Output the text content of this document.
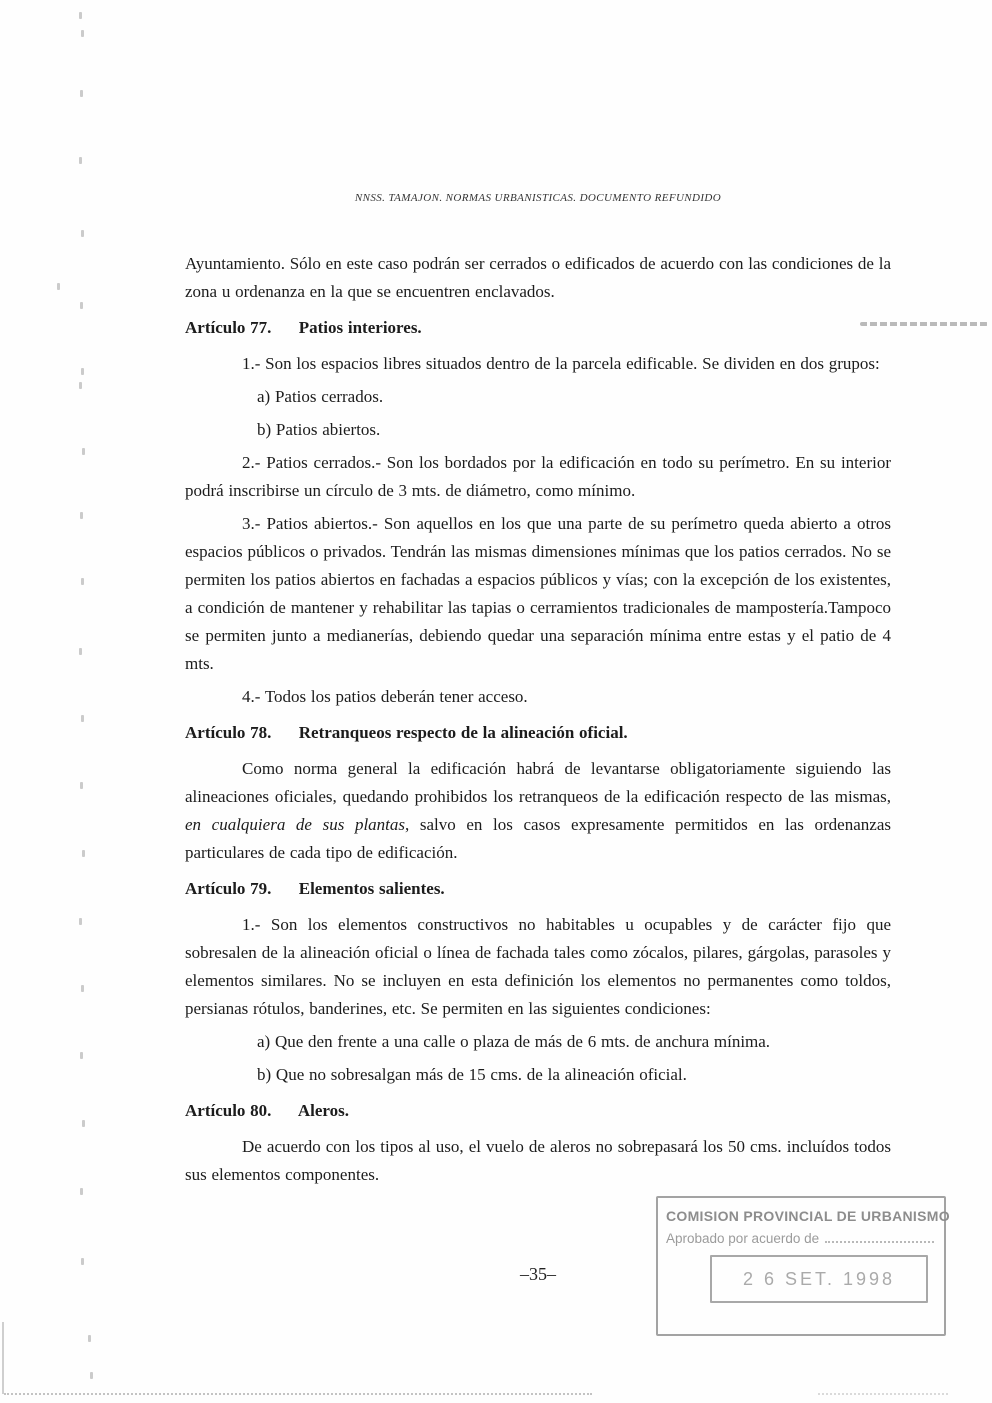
NNSS. TAMAJON. NORMAS URBANISTICAS. DOCUMENTO REFUNDIDO

Ayuntamiento. Sólo en este caso podrán ser cerrados o edificados de acuerdo con las condiciones de la zona u ordenanza en la que se encuentren enclavados.

Artículo 77. Patios interiores.

1.- Son los espacios libres situados dentro de la parcela edificable. Se dividen en dos grupos:

a) Patios cerrados.

b) Patios abiertos.

2.- Patios cerrados.- Son los bordados por la edificación en todo su perímetro. En su interior podrá inscribirse un círculo de 3 mts. de diámetro, como mínimo.

3.- Patios abiertos.- Son aquellos en los que una parte de su perímetro queda abierto a otros espacios públicos o privados. Tendrán las mismas dimensiones mínimas que los patios cerrados. No se permiten los patios abiertos en fachadas a espacios públicos y vías; con la excepción de los existentes, a condición de mantener y rehabilitar las tapias o cerramientos tradicionales de mampostería.Tampoco se permiten junto a medianerías, debiendo quedar una separación mínima entre estas y el patio de 4 mts.

4.- Todos los patios deberán tener acceso.

Artículo 78. Retranqueos respecto de la alineación oficial.

Como norma general la edificación habrá de levantarse obligatoriamente siguiendo las alineaciones oficiales, quedando prohibidos los retranqueos de la edificación respecto de las mismas, en cualquiera de sus plantas, salvo en los casos expresamente permitidos en las ordenanzas particulares de cada tipo de edificación.

Artículo 79. Elementos salientes.

1.- Son los elementos constructivos no habitables u ocupables y de carácter fijo que sobresalen de la alineación oficial o línea de fachada tales como zócalos, pilares, gárgolas, parasoles y elementos similares. No se incluyen en esta definición los elementos no permanentes como toldos, persianas rótulos, banderines, etc. Se permiten en las siguientes condiciones:

a) Que den frente a una calle o plaza de más de 6 mts. de anchura mínima.

b) Que no sobresalgan más de 15 cms. de la alineación oficial.

Artículo 80. Aleros.

De acuerdo con los tipos al uso, el vuelo de aleros no sobrepasará los 50 cms. incluídos todos sus elementos componentes.

–35–
COMISION PROVINCIAL DE URBANISMO
Aprobado por acuerdo de
2 6 SET. 1998
